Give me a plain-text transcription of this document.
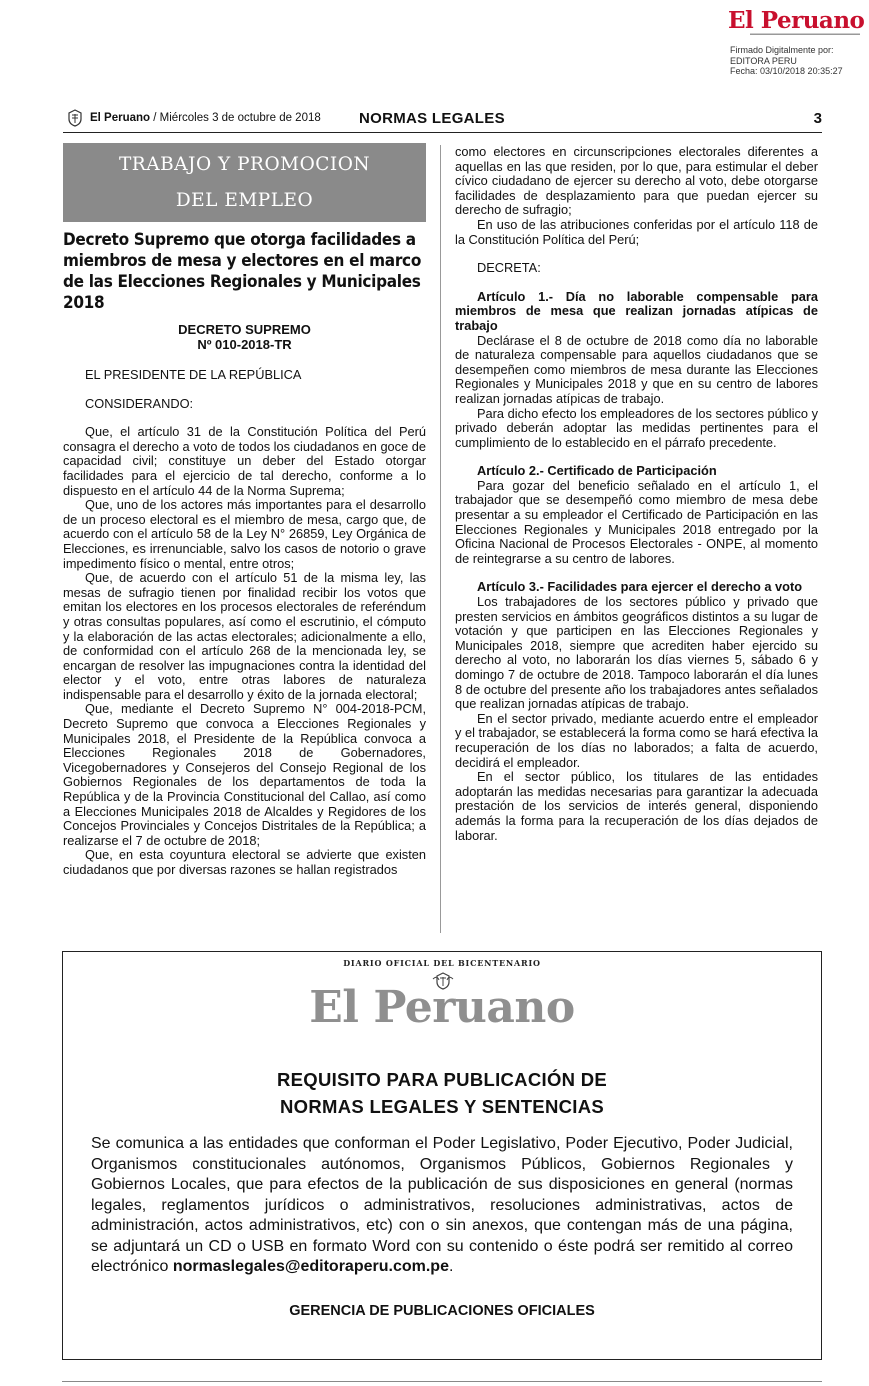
El Peruano
Firmado Digitalmente por:
EDITORA PERU
Fecha: 03/10/2018 20:35:27
El Peruano / Miércoles 3 de octubre de 2018	NORMAS LEGALES	3
TRABAJO Y PROMOCION
DEL EMPLEO
Decreto Supremo que otorga facilidades a miembros de mesa y electores en el marco de las Elecciones Regionales y Municipales 2018
DECRETO SUPREMO
Nº 010-2018-TR

EL PRESIDENTE DE LA REPÚBLICA

CONSIDERANDO:

Que, el artículo 31 de la Constitución Política del Perú consagra el derecho a voto de todos los ciudadanos en goce de capacidad civil; constituye un deber del Estado otorgar facilidades para el ejercicio de tal derecho, conforme a lo dispuesto en el artículo 44 de la Norma Suprema;

Que, uno de los actores más importantes para el desarrollo de un proceso electoral es el miembro de mesa, cargo que, de acuerdo con el artículo 58 de la Ley N° 26859, Ley Orgánica de Elecciones, es irrenunciable, salvo los casos de notorio o grave impedimento físico o mental, entre otros;

Que, de acuerdo con el artículo 51 de la misma ley, las mesas de sufragio tienen por finalidad recibir los votos que emitan los electores en los procesos electorales de referéndum y otras consultas populares, así como el escrutinio, el cómputo y la elaboración de las actas electorales; adicionalmente a ello, de conformidad con el artículo 268 de la mencionada ley, se encargan de resolver las impugnaciones contra la identidad del elector y el voto, entre otras labores de naturaleza indispensable para el desarrollo y éxito de la jornada electoral;

Que, mediante el Decreto Supremo N° 004-2018-PCM, Decreto Supremo que convoca a Elecciones Regionales y Municipales 2018, el Presidente de la República convoca a Elecciones Regionales 2018 de Gobernadores, Vicegobernadores y Consejeros del Consejo Regional de los Gobiernos Regionales de los departamentos de toda la República y de la Provincia Constitucional del Callao, así como a Elecciones Municipales 2018 de Alcaldes y Regidores de los Concejos Provinciales y Concejos Distritales de la República; a realizarse el 7 de octubre de 2018;

Que, en esta coyuntura electoral se advierte que existen ciudadanos que por diversas razones se hallan registrados

como electores en circunscripciones electorales diferentes a aquellas en las que residen, por lo que, para estimular el deber cívico ciudadano de ejercer su derecho al voto, debe otorgarse facilidades de desplazamiento para que puedan ejercer su derecho de sufragio;

En uso de las atribuciones conferidas por el artículo 118 de la Constitución Política del Perú;

DECRETA:

Artículo 1.- Día no laborable compensable para miembros de mesa que realizan jornadas atípicas de trabajo

Declárase el 8 de octubre de 2018 como día no laborable de naturaleza compensable para aquellos ciudadanos que se desempeñen como miembros de mesa durante las Elecciones Regionales y Municipales 2018 y que en su centro de labores realizan jornadas atípicas de trabajo.

Para dicho efecto los empleadores de los sectores público y privado deberán adoptar las medidas pertinentes para el cumplimiento de lo establecido en el párrafo precedente.

Artículo 2.- Certificado de Participación

Para gozar del beneficio señalado en el artículo 1, el trabajador que se desempeñó como miembro de mesa debe presentar a su empleador el Certificado de Participación en las Elecciones Regionales y Municipales 2018 entregado por la Oficina Nacional de Procesos Electorales - ONPE, al momento de reintegrarse a su centro de labores.

Artículo 3.- Facilidades para ejercer el derecho a voto

Los trabajadores de los sectores público y privado que presten servicios en ámbitos geográficos distintos a su lugar de votación y que participen en las Elecciones Regionales y Municipales 2018, siempre que acrediten haber ejercido su derecho al voto, no laborarán los días viernes 5, sábado 6 y domingo 7 de octubre de 2018. Tampoco laborarán el día lunes 8 de octubre del presente año los trabajadores antes señalados que realizan jornadas atípicas de trabajo.

En el sector privado, mediante acuerdo entre el empleador y el trabajador, se establecerá la forma como se hará efectiva la recuperación de los días no laborados; a falta de acuerdo, decidirá el empleador.

En el sector público, los titulares de las entidades adoptarán las medidas necesarias para garantizar la adecuada prestación de los servicios de interés general, disponiendo además la forma para la recuperación de los días dejados de laborar.

DIARIO OFICIAL DEL BICENTENARIO
El Peruano
REQUISITO PARA PUBLICACIÓN DE
NORMAS LEGALES Y SENTENCIAS
Se comunica a las entidades que conforman el Poder Legislativo, Poder Ejecutivo, Poder Judicial, Organismos constitucionales autónomos, Organismos Públicos, Gobiernos Regionales y Gobiernos Locales, que para efectos de la publicación de sus disposiciones en general (normas legales, reglamentos jurídicos o administrativos, resoluciones administrativas, actos de administración, actos administrativos, etc) con o sin anexos, que contengan más de una página, se adjuntará un CD o USB en formato Word con su contenido o éste podrá ser remitido al correo electrónico normaslegales@editoraperu.com.pe.
GERENCIA DE PUBLICACIONES OFICIALES
